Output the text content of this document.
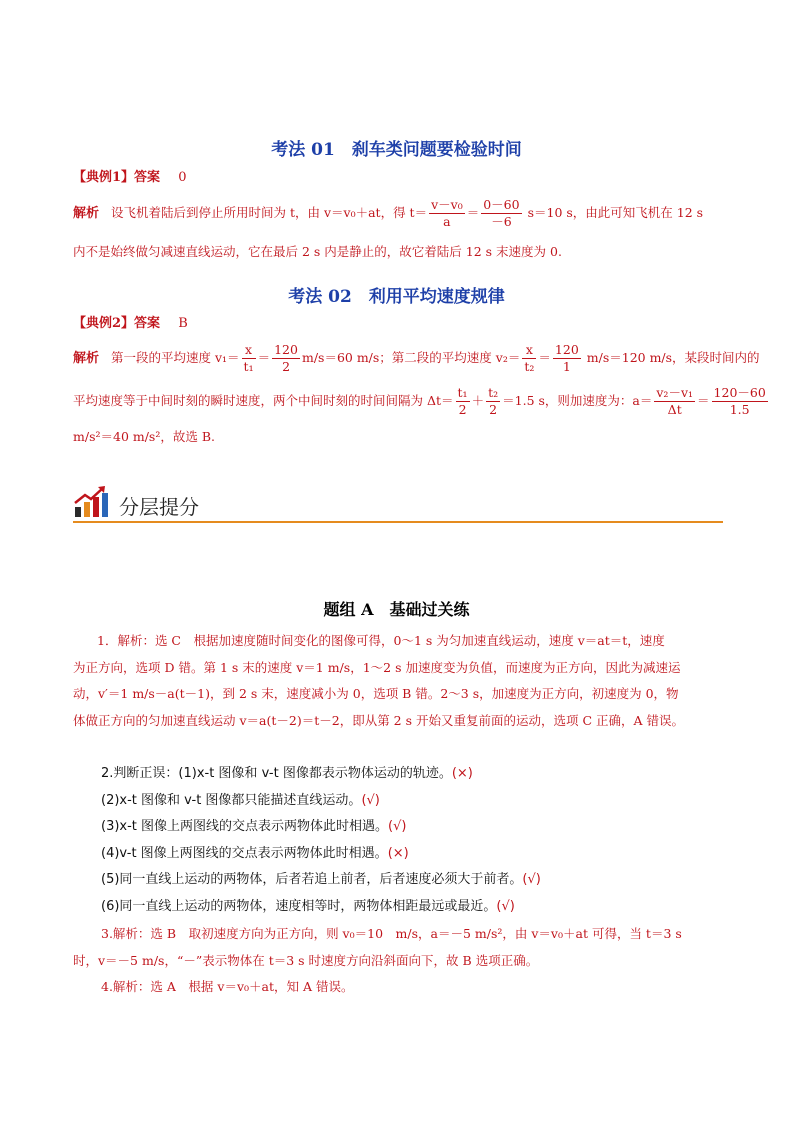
考法 01　刹车类问题要检验时间
【典例1】答案 0
解析 设飞机着陆后到停止所用时间为 t，由 v＝v₀＋at，得 $t= \frac{\text{v－v₀}}{a} = \frac{0-60}{-6} s=10$ s，由此可知飞机在 12 s
内不是始终做匀减速直线运动，它在最后 2 s 内是静止的，故它着陆后 12 s 末速度为 0.
考法 02　利用平均速度规律
【典例2】答案 B
解析 第一段的平均速度 $v_1= \frac{x}{\text{t₁}} = \frac{120}{2} m/s=60$ m/s；第二段的平均速度 $v_2= \frac{x}{\text{t₂}} = \frac{120}{1} m/s=120$ m/s，某段时间内的
平均速度等于中间时刻的瞬时速度，两个中间时刻的时间间隔为 $\Delta t= \frac{\text{t₁}}{2} + \frac{\text{t₂}}{2} =1.5$ s，则加速度为：$a= \frac{\text{v₂－v₁}}{\Delta t} = \frac{120-60}{1.5}$
m/s²＝40 m/s²，故选 B.
分层提分
题组 A　基础过关练
1．解析：选 C　根据加速度随时间变化的图像可得，0～1 s 为匀加速直线运动，速度 v＝at＝t，速度
为正方向，选项 D 错。第 1 s 末的速度 v＝1 m/s，1～2 s 加速度变为负值，而速度为正方向，因此为减速运
动，v′＝1 m/s－a(t－1)，到 2 s 末，速度减小为 0，选项 B 错。2～3 s，加速度为正方向，初速度为 0，物
体做正方向的匀加速直线运动 v＝a(t－2)＝t－2，即从第 2 s 开始又重复前面的运动，选项 C 正确，A 错误。
2.判断正误：(1)x-t 图像和 v-t 图像都表示物体运动的轨迹。(×)
(2)x-t 图像和 v-t 图像都只能描述直线运动。(√)
(3)x-t 图像上两图线的交点表示两物体此时相遇。(√)
(4)v-t 图像上两图线的交点表示两物体此时相遇。(×)
(5)同一直线上运动的两物体，后者若追上前者，后者速度必须大于前者。(√)
(6)同一直线上运动的两物体，速度相等时，两物体相距最远或最近。(√)
3.解析：选 B　取初速度方向为正方向，则 v₀＝10　m/s，a＝－5 m/s²，由 v＝v₀＋at 可得，当 t＝3 s
时，v＝－5 m/s，“－”表示物体在 t＝3 s 时速度方向沿斜面向下，故 B 选项正确。
4.解析：选 A　根据 v＝v₀＋at，知 A 错误。
